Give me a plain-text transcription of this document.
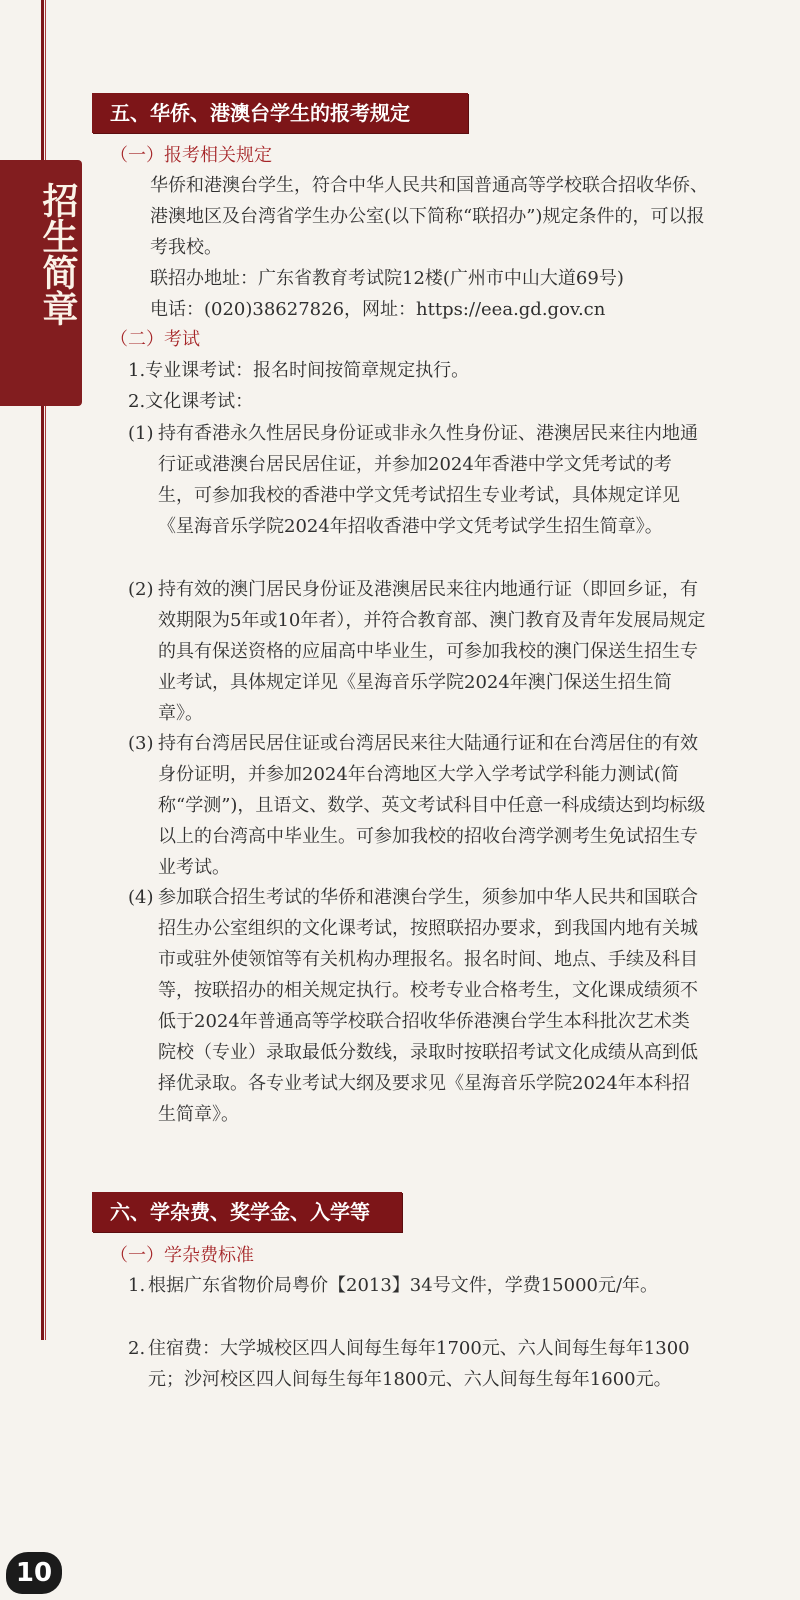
招生简章
五、华侨、港澳台学生的报考规定
（一）报考相关规定
华侨和港澳台学生，符合中华人民共和国普通高等学校联合招收华侨、港澳地区及台湾省学生办公室(以下简称“联招办”)规定条件的，可以报考我校。
联招办地址：广东省教育考试院12楼(广州市中山大道69号)
电话：(020)38627826，网址：https://eea.gd.gov.cn
（二）考试
1.专业课考试：报名时间按简章规定执行。
2.文化课考试：
(1) 持有香港永久性居民身份证或非永久性身份证、港澳居民来往内地通行证或港澳台居民居住证，并参加2024年香港中学文凭考试的考生，可参加我校的香港中学文凭考试招生专业考试，具体规定详见《星海音乐学院2024年招收香港中学文凭考试学生招生简章》。
(2) 持有效的澳门居民身份证及港澳居民来往内地通行证（即回乡证，有效期限为5年或10年者），并符合教育部、澳门教育及青年发展局规定的具有保送资格的应届高中毕业生，可参加我校的澳门保送生招生专业考试，具体规定详见《星海音乐学院2024年澳门保送生招生简章》。
(3) 持有台湾居民居住证或台湾居民来往大陆通行证和在台湾居住的有效身份证明，并参加2024年台湾地区大学入学考试学科能力测试(简称“学测”)，且语文、数学、英文考试科目中任意一科成绩达到均标级以上的台湾高中毕业生。可参加我校的招收台湾学测考生免试招生专业考试。
(4) 参加联合招生考试的华侨和港澳台学生，须参加中华人民共和国联合招生办公室组织的文化课考试，按照联招办要求，到我国内地有关城市或驻外使领馆等有关机构办理报名。报名时间、地点、手续及科目等，按联招办的相关规定执行。校考专业合格考生，文化课成绩须不低于2024年普通高等学校联合招收华侨港澳台学生本科批次艺术类院校（专业）录取最低分数线，录取时按联招考试文化成绩从高到低择优录取。各专业考试大纲及要求见《星海音乐学院2024年本科招生简章》。
六、学杂费、奖学金、入学等
（一）学杂费标准
1. 根据广东省物价局粤价【2013】34号文件，学费15000元/年。
2. 住宿费：大学城校区四人间每生每年1700元、六人间每生每年1300元；沙河校区四人间每生每年1800元、六人间每生每年1600元。
10
